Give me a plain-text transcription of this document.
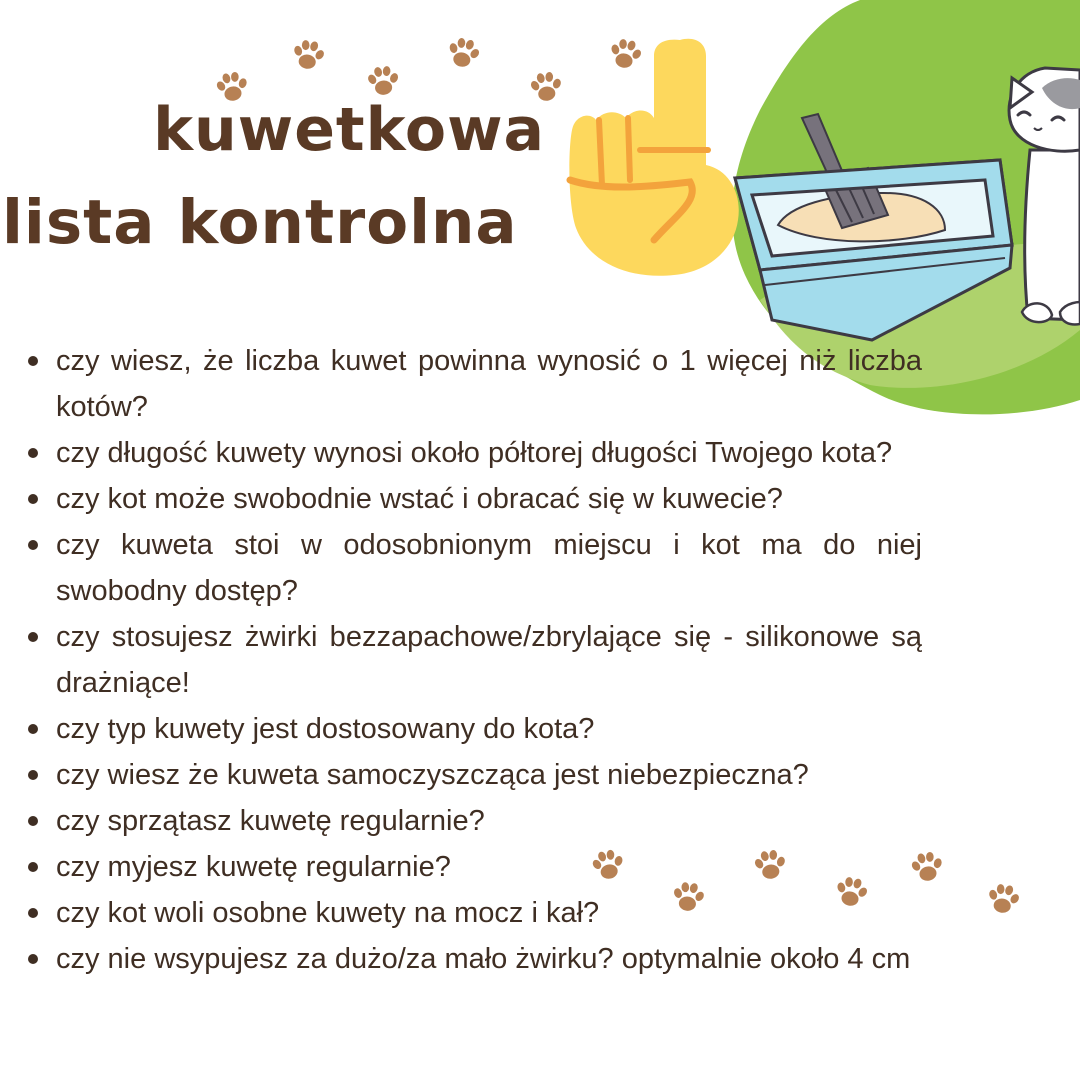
kuwetkowa
lista kontrolna
czy wiesz, że liczba kuwet powinna wynosić o 1 więcej niż liczba kotów?
czy długość kuwety wynosi około półtorej długości Twojego kota?
czy kot może swobodnie wstać i obracać się w kuwecie?
czy kuweta stoi w odosobnionym miejscu i kot ma do niej swobodny dostęp?
czy stosujesz żwirki bezzapachowe/zbrylające się - silikonowe są drażniące!
czy typ kuwety jest dostosowany do kota?
czy wiesz że kuweta samoczyszcząca jest niebezpieczna?
czy sprzątasz kuwetę regularnie?
czy myjesz kuwetę regularnie?
czy kot woli osobne kuwety na mocz i kał?
czy nie wsypujesz za dużo/za mało żwirku? optymalnie około 4 cm
